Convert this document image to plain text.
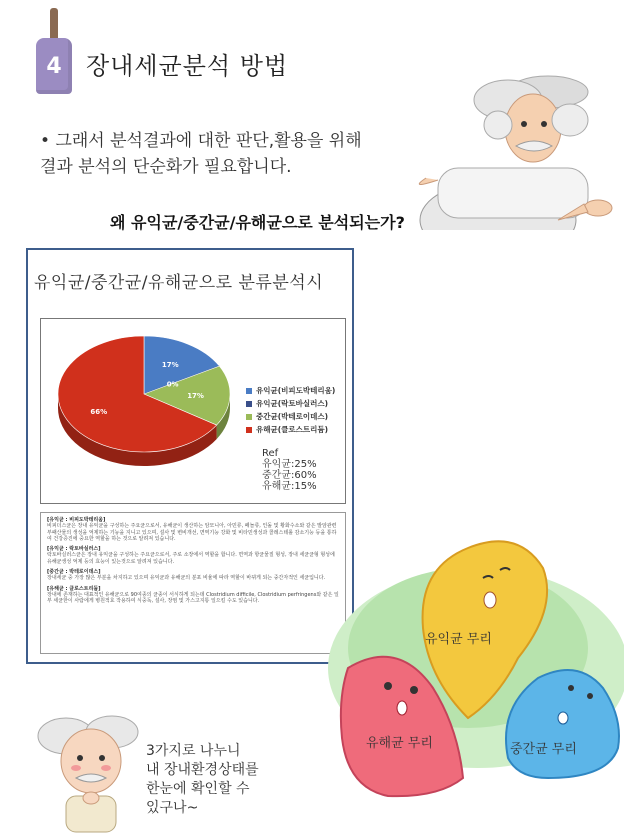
4	장내세균분석 방법
• 그래서 분석결과에 대한 판단,활용을 위해
결과 분석의 단순화가 필요합니다.
왜 유익균/중간균/유해균으로 분석되는가?
유익균/중간균/유해균으로 분류분석시
17%
0%
17%
66%
유익균(비피도박테리움)
유익균(락토바실러스)
중간균(박테로이데스)
유해균(클로스트리듐)
Ref
유익균:25%
중간균:60%
유해균:15%
[유익균 : 비피도박테리움]
비피더스균은 장내 유익균을 구성하는 주요균으로서, 유해균이 생산하는 암모니아, 아민류, 페놀류, 인돌 및 황화수소와 같은 발암관련 부패산물의 생성을 억제하는 기능을 지니고 있으며, 설사 및 변비개선, 면역기능 강화 및 비타민생성과 콜레스테롤 감소기능 등을 통하여 건강증진에 중요한 역할을 하는 것으로 알려져 있습니다.
[유익균 : 락토바실러스]
락토바실러스균은 장내 유익균을 구성하는 주요균으로서, 주로 소장에서 역할을 합니다. 면역과 항균물질 형성, 장내 세균균형 형성에 유해균생성 억제 등의 효능이 있는것으로 알려져 있습니다.
[중간균 : 박테로이데스]
장내세균 중 가장 많은 부분을 차지하고 있으며 유익균과 유해균의 분포 비율에 따라 역할이 바뀌게 되는 중간자적인 세균입니다.
[유해균 : 클로스트리듐]
장내에 존재하는 대표적인 유해균으로 90여종의 균종이 서식하게 되는데 Clostridium difficile, Clostridium perfringens와 같은 일부 세균한이 사람에게 병원적효 작용하여 식중독, 설사, 장염 및 가스고지통 일으킬 수도 있습니다.
유익균 무리
유해균 무리	중간균 무리
3가지로 나누니
내 장내환경상태를
한눈에 확인할 수
있구나~
